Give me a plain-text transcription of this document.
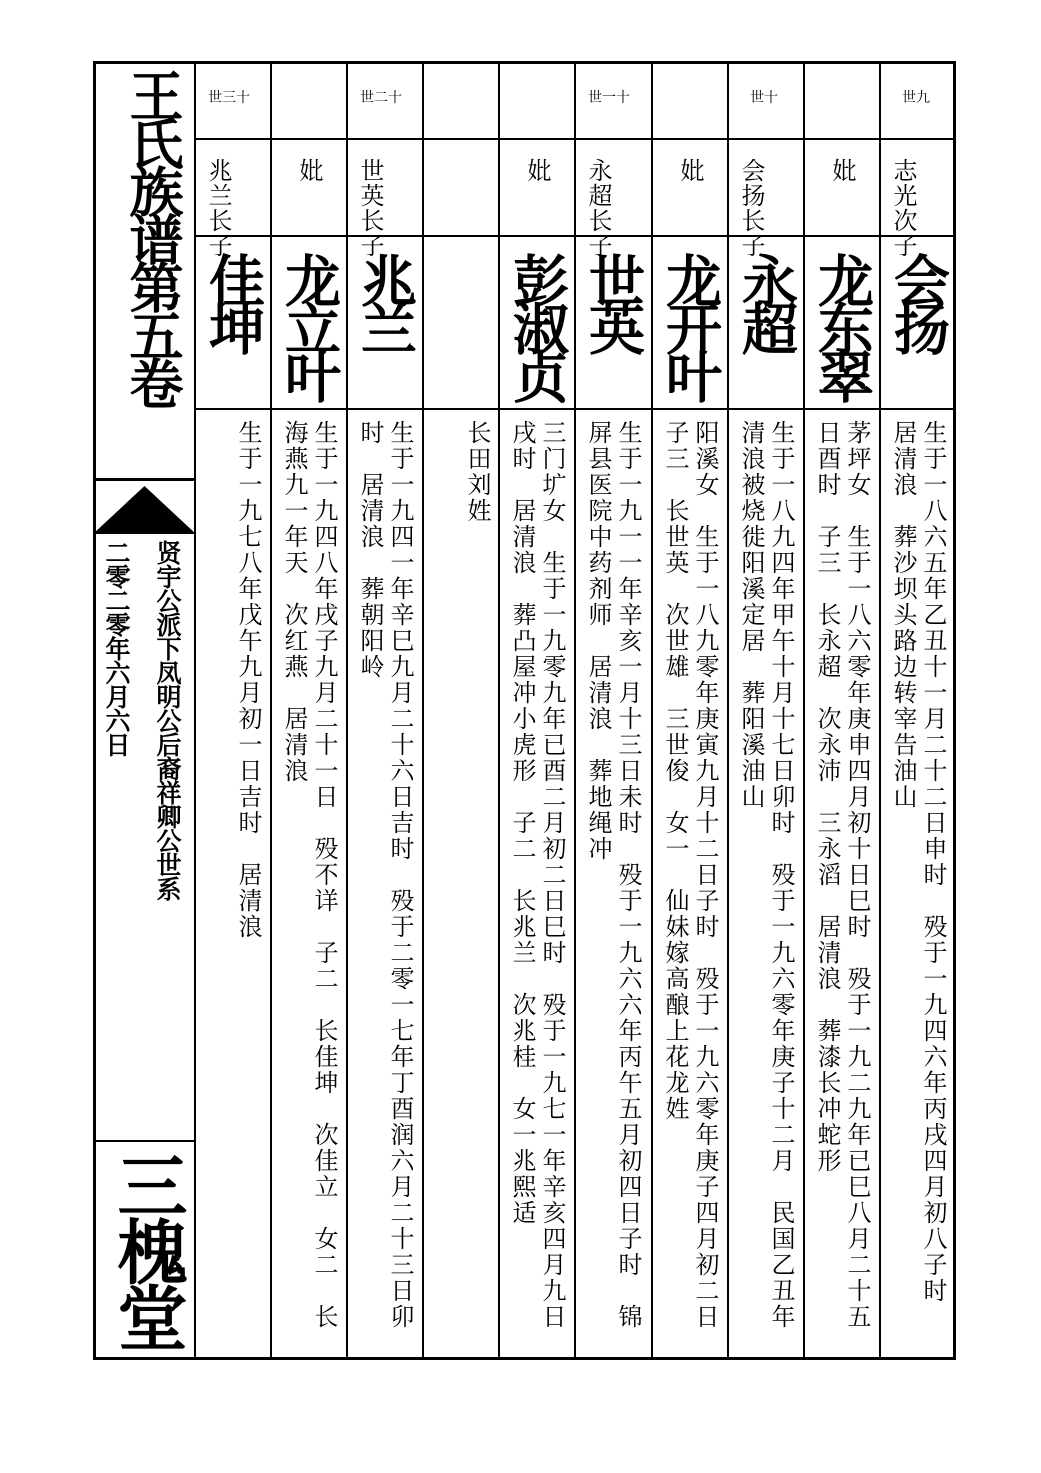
王氏族谱第五卷
贤宇公派下凤明公后裔祥卿公世系
二零二零年六月六日
三槐堂
世九
志光次子
会扬
生于一八六五年乙丑十一月二十二日申时　殁于一九四六年丙戌四月初八子时　居清浪　葬沙坝头路边转宰告油山
妣
龙东翠
茅坪女　生于一八六零年庚申四月初十日巳时　殁于一九二九年已巳八月二十五日酉时　子三　长永超　次永沛　三永滔　居清浪　葬漆长冲蛇形
世十
会扬长子
永超
生于一八九四年甲午十月十七日卯时　殁于一九六零年庚子十二月　民国乙丑年清浪被烧徙阳溪定居　葬阳溪油山
妣
龙开叶
阳溪女　生于一八九零年庚寅九月十二日子时　殁于一九六零年庚子四月初二日　子三　长世英　次世雄　三世俊　女一　仙妹嫁高酿上花龙姓
世一十
永超长子
世英
生于一九一一年辛亥一月十三日未时　殁于一九六六年丙午五月初四日子时　锦屏县医院中药剂师　居清浪　葬地绳冲
妣
彭淑贞
三门圹女　生于一九零九年已酉二月初二日巳时　殁于一九七一年辛亥四月九日戌时　居清浪　葬凸屋冲小虎形　子二　长兆兰　次兆桂　女一兆熙适
长田刘姓
世二十
世英长子
兆兰
生于一九四一年辛巳九月二十六日吉时　殁于二零一七年丁酉润六月二十三日卯时　居清浪　葬朝阳岭
妣
龙立叶
生于一九四八年戌子九月二十一日　殁不详　子二　长佳坤　次佳立　女二　长海燕九一年天　次红燕　居清浪
世三十
兆兰长子
佳坤
生于一九七八年戊午九月初一日吉时　居清浪
